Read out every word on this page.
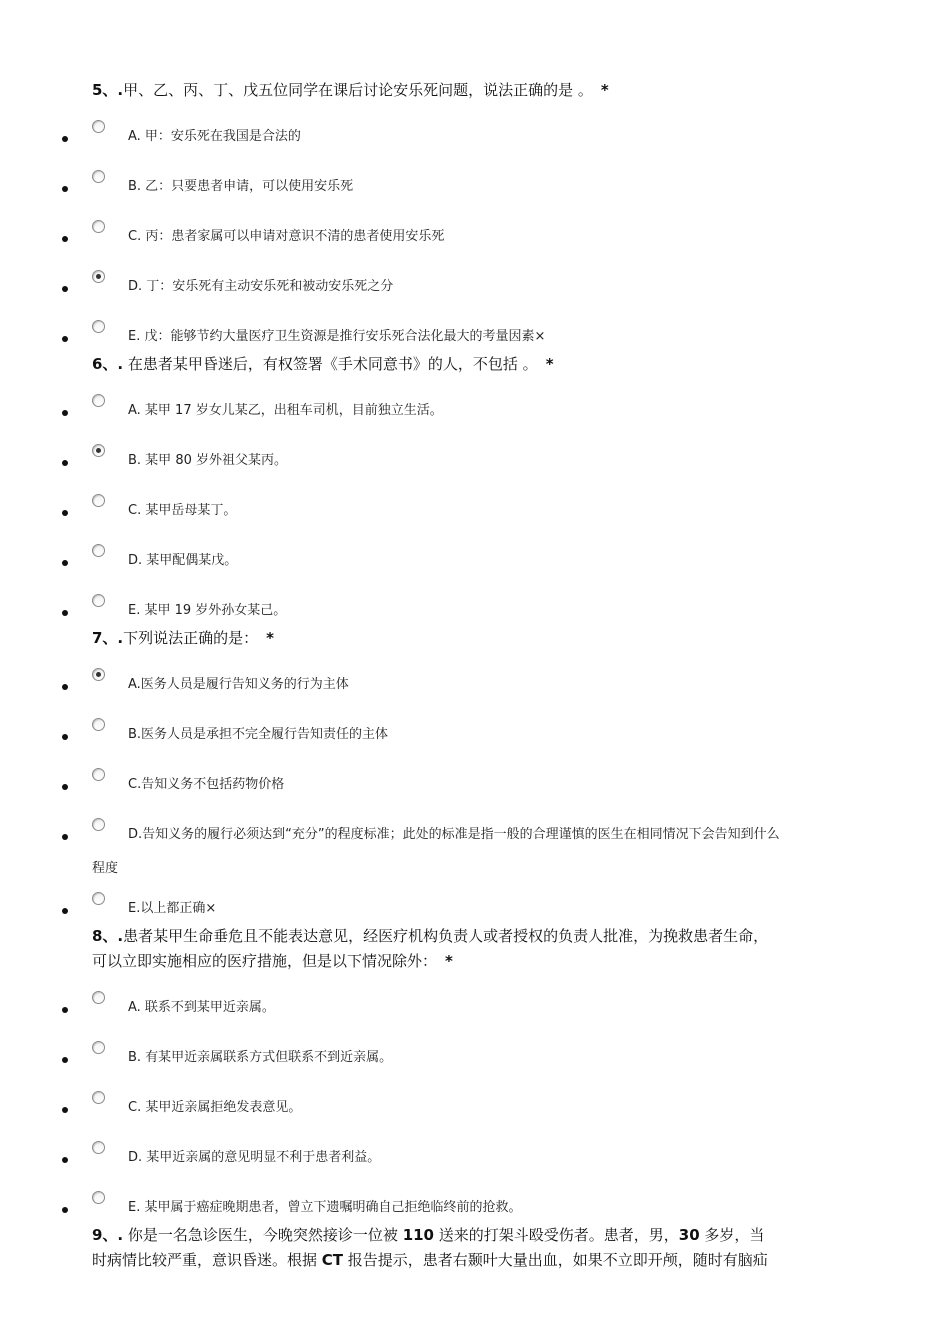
5、.甲、乙、丙、丁、戊五位同学在课后讨论安乐死问题，说法正确的是 。 *
A. 甲：安乐死在我国是合法的
B. 乙：只要患者申请，可以使用安乐死
C. 丙：患者家属可以申请对意识不清的患者使用安乐死
D. 丁：安乐死有主动安乐死和被动安乐死之分
E. 戊：能够节约大量医疗卫生资源是推行安乐死合法化最大的考量因素×
6、. 在患者某甲昏迷后，有权签署《手术同意书》的人，不包括 。 *
A. 某甲 17 岁女儿某乙，出租车司机，目前独立生活。
B. 某甲 80 岁外祖父某丙。
C. 某甲岳母某丁。
D. 某甲配偶某戊。
E. 某甲 19 岁外孙女某己。
7、.下列说法正确的是： *
A.医务人员是履行告知义务的行为主体
B.医务人员是承担不完全履行告知责任的主体
C.告知义务不包括药物价格
D.告知义务的履行必须达到“充分”的程度标准；此处的标准是指一般的合理谨慎的医生在相同情况下会告知到什么
程度
E.以上都正确×
8、.患者某甲生命垂危且不能表达意见，经医疗机构负责人或者授权的负责人批准，为挽救患者生命，
可以立即实施相应的医疗措施，但是以下情况除外： *
A. 联系不到某甲近亲属。
B. 有某甲近亲属联系方式但联系不到近亲属。
C. 某甲近亲属拒绝发表意见。
D. 某甲近亲属的意见明显不利于患者利益。
E. 某甲属于癌症晚期患者，曾立下遗嘱明确自己拒绝临终前的抢救。
9、. 你是一名急诊医生，今晚突然接诊一位被 110 送来的打架斗殴受伤者。患者，男，30 多岁，当
时病情比较严重，意识昏迷。根据 CT 报告提示，患者右颞叶大量出血，如果不立即开颅，随时有脑疝
